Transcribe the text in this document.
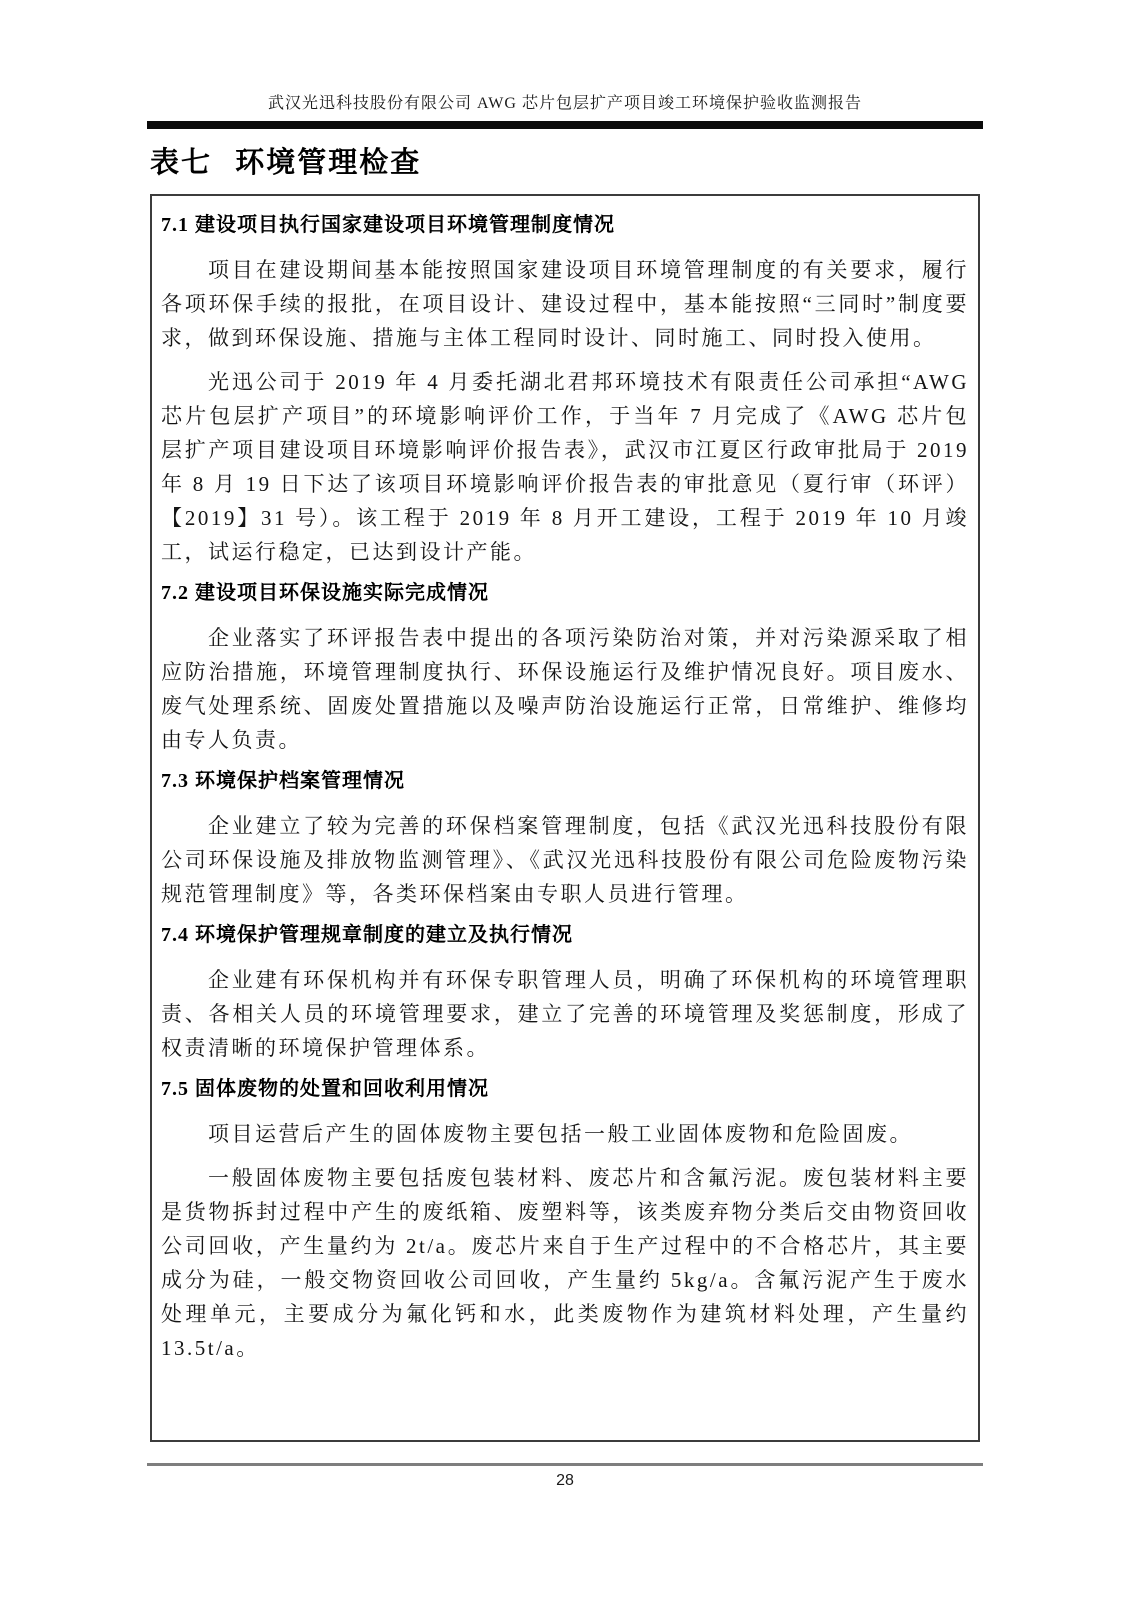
武汉光迅科技股份有限公司 AWG 芯片包层扩产项目竣工环境保护验收监测报告
表七 环境管理检查
7.1 建设项目执行国家建设项目环境管理制度情况

项目在建设期间基本能按照国家建设项目环境管理制度的有关要求，履行各项环保手续的报批，在项目设计、建设过程中，基本能按照“三同时”制度要求，做到环保设施、措施与主体工程同时设计、同时施工、同时投入使用。

光迅公司于 2019 年 4 月委托湖北君邦环境技术有限责任公司承担“AWG 芯片包层扩产项目”的环境影响评价工作，于当年 7 月完成了《AWG 芯片包层扩产项目建设项目环境影响评价报告表》，武汉市江夏区行政审批局于 2019 年 8 月 19 日下达了该项目环境影响评价报告表的审批意见（夏行审（环评）【2019】31 号）。该工程于 2019 年 8 月开工建设，工程于 2019 年 10 月竣工，试运行稳定，已达到设计产能。

7.2 建设项目环保设施实际完成情况

企业落实了环评报告表中提出的各项污染防治对策，并对污染源采取了相应防治措施，环境管理制度执行、环保设施运行及维护情况良好。项目废水、废气处理系统、固废处置措施以及噪声防治设施运行正常，日常维护、维修均由专人负责。

7.3 环境保护档案管理情况

企业建立了较为完善的环保档案管理制度，包括《武汉光迅科技股份有限公司环保设施及排放物监测管理》、《武汉光迅科技股份有限公司危险废物污染规范管理制度》等，各类环保档案由专职人员进行管理。

7.4 环境保护管理规章制度的建立及执行情况

企业建有环保机构并有环保专职管理人员，明确了环保机构的环境管理职责、各相关人员的环境管理要求，建立了完善的环境管理及奖惩制度，形成了权责清晰的环境保护管理体系。

7.5 固体废物的处置和回收利用情况

项目运营后产生的固体废物主要包括一般工业固体废物和危险固废。

一般固体废物主要包括废包装材料、废芯片和含氟污泥。废包装材料主要是货物拆封过程中产生的废纸箱、废塑料等，该类废弃物分类后交由物资回收公司回收，产生量约为 2t/a。废芯片来自于生产过程中的不合格芯片，其主要成分为硅，一般交物资回收公司回收，产生量约 5kg/a。含氟污泥产生于废水处理单元，主要成分为氟化钙和水，此类废物作为建筑材料处理，产生量约 13.5t/a。

28
